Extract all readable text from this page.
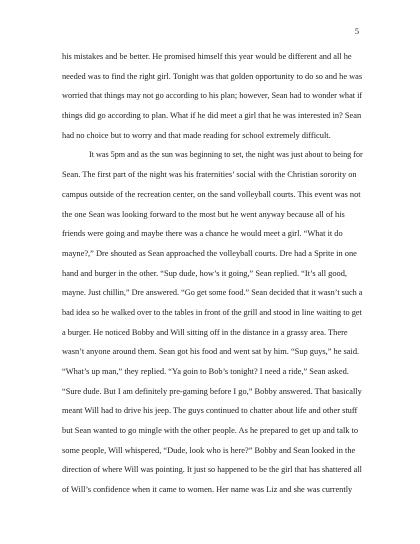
5
his mistakes and be better. He promised himself this year would be different and all he
needed was to find the right girl. Tonight was that golden opportunity to do so and he was
worried that things may not go according to his plan; however, Sean had to wonder what if
things did go according to plan. What if he did meet a girl that he was interested in? Sean
had no choice but to worry and that made reading for school extremely difficult.
It was 5pm and as the sun was beginning to set, the night was just about to being for
Sean. The first part of the night was his fraternities’ social with the Christian sorority on
campus outside of the recreation center, on the sand volleyball courts. This event was not
the one Sean was looking forward to the most but he went anyway because all of his
friends were going and maybe there was a chance he would meet a girl. “What it do
mayne?,” Dre shouted as Sean approached the volleyball courts. Dre had a Sprite in one
hand and burger in the other. “Sup dude, how’s it going,” Sean replied. “It’s all good,
mayne. Just chillin,” Dre answered. “Go get some food.” Sean decided that it wasn’t such a
bad idea so he walked over to the tables in front of the grill and stood in line waiting to get
a burger. He noticed Bobby and Will sitting off in the distance in a grassy area. There
wasn’t anyone around them. Sean got his food and went sat by him. “Sup guys,” he said.
“What’s up man,” they replied. “Ya goin to Bob’s tonight? I need a ride,” Sean asked.
“Sure dude. But I am definitely pre-gaming before I go,” Bobby answered. That basically
meant Will had to drive his jeep. The guys continued to chatter about life and other stuff
but Sean wanted to go mingle with the other people. As he prepared to get up and talk to
some people, Will whispered, “Dude, look who is here?” Bobby and Sean looked in the
direction of where Will was pointing. It just so happened to be the girl that has shattered all
of Will’s confidence when it came to women. Her name was Liz and she was currently
